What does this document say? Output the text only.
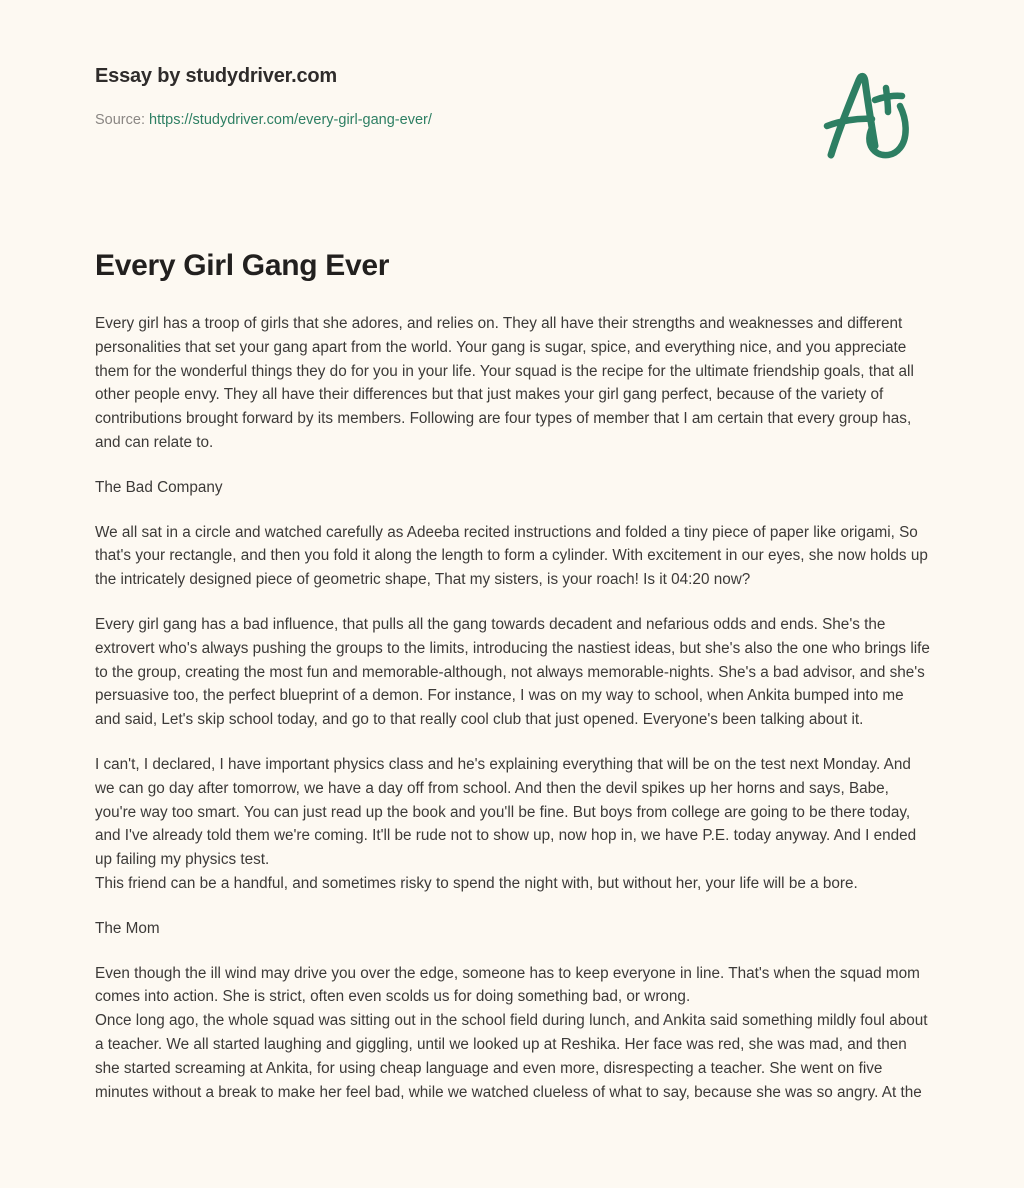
Essay by studydriver.com
Source: https://studydriver.com/every-girl-gang-ever/
Every Girl Gang Ever

Every girl has a troop of girls that she adores, and relies on. They all have their strengths and weaknesses and different personalities that set your gang apart from the world. Your gang is sugar, spice, and everything nice, and you appreciate them for the wonderful things they do for you in your life. Your squad is the recipe for the ultimate friendship goals, that all other people envy. They all have their differences but that just makes your girl gang perfect, because of the variety of contributions brought forward by its members. Following are four types of member that I am certain that every group has, and can relate to.

The Bad Company

We all sat in a circle and watched carefully as Adeeba recited instructions and folded a tiny piece of paper like origami, So that's your rectangle, and then you fold it along the length to form a cylinder. With excitement in our eyes, she now holds up the intricately designed piece of geometric shape, That my sisters, is your roach! Is it 04:20 now?

Every girl gang has a bad influence, that pulls all the gang towards decadent and nefarious odds and ends. She's the extrovert who's always pushing the groups to the limits, introducing the nastiest ideas, but she's also the one who brings life to the group, creating the most fun and memorable-although, not always memorable-nights. She's a bad advisor, and she's persuasive too, the perfect blueprint of a demon. For instance, I was on my way to school, when Ankita bumped into me and said, Let's skip school today, and go to that really cool club that just opened. Everyone's been talking about it.

I can't, I declared, I have important physics class and he's explaining everything that will be on the test next Monday. And we can go day after tomorrow, we have a day off from school. And then the devil spikes up her horns and says, Babe, you're way too smart. You can just read up the book and you'll be fine. But boys from college are going to be there today, and I've already told them we're coming. It'll be rude not to show up, now hop in, we have P.E. today anyway. And I ended up failing my physics test.
This friend can be a handful, and sometimes risky to spend the night with, but without her, your life will be a bore.

The Mom

Even though the ill wind may drive you over the edge, someone has to keep everyone in line. That's when the squad mom comes into action. She is strict, often even scolds us for doing something bad, or wrong.
Once long ago, the whole squad was sitting out in the school field during lunch, and Ankita said something mildly foul about a teacher. We all started laughing and giggling, until we looked up at Reshika. Her face was red, she was mad, and then she started screaming at Ankita, for using cheap language and even more, disrespecting a teacher. She went on five minutes without a break to make her feel bad, while we watched clueless of what to say, because she was so angry. At the
